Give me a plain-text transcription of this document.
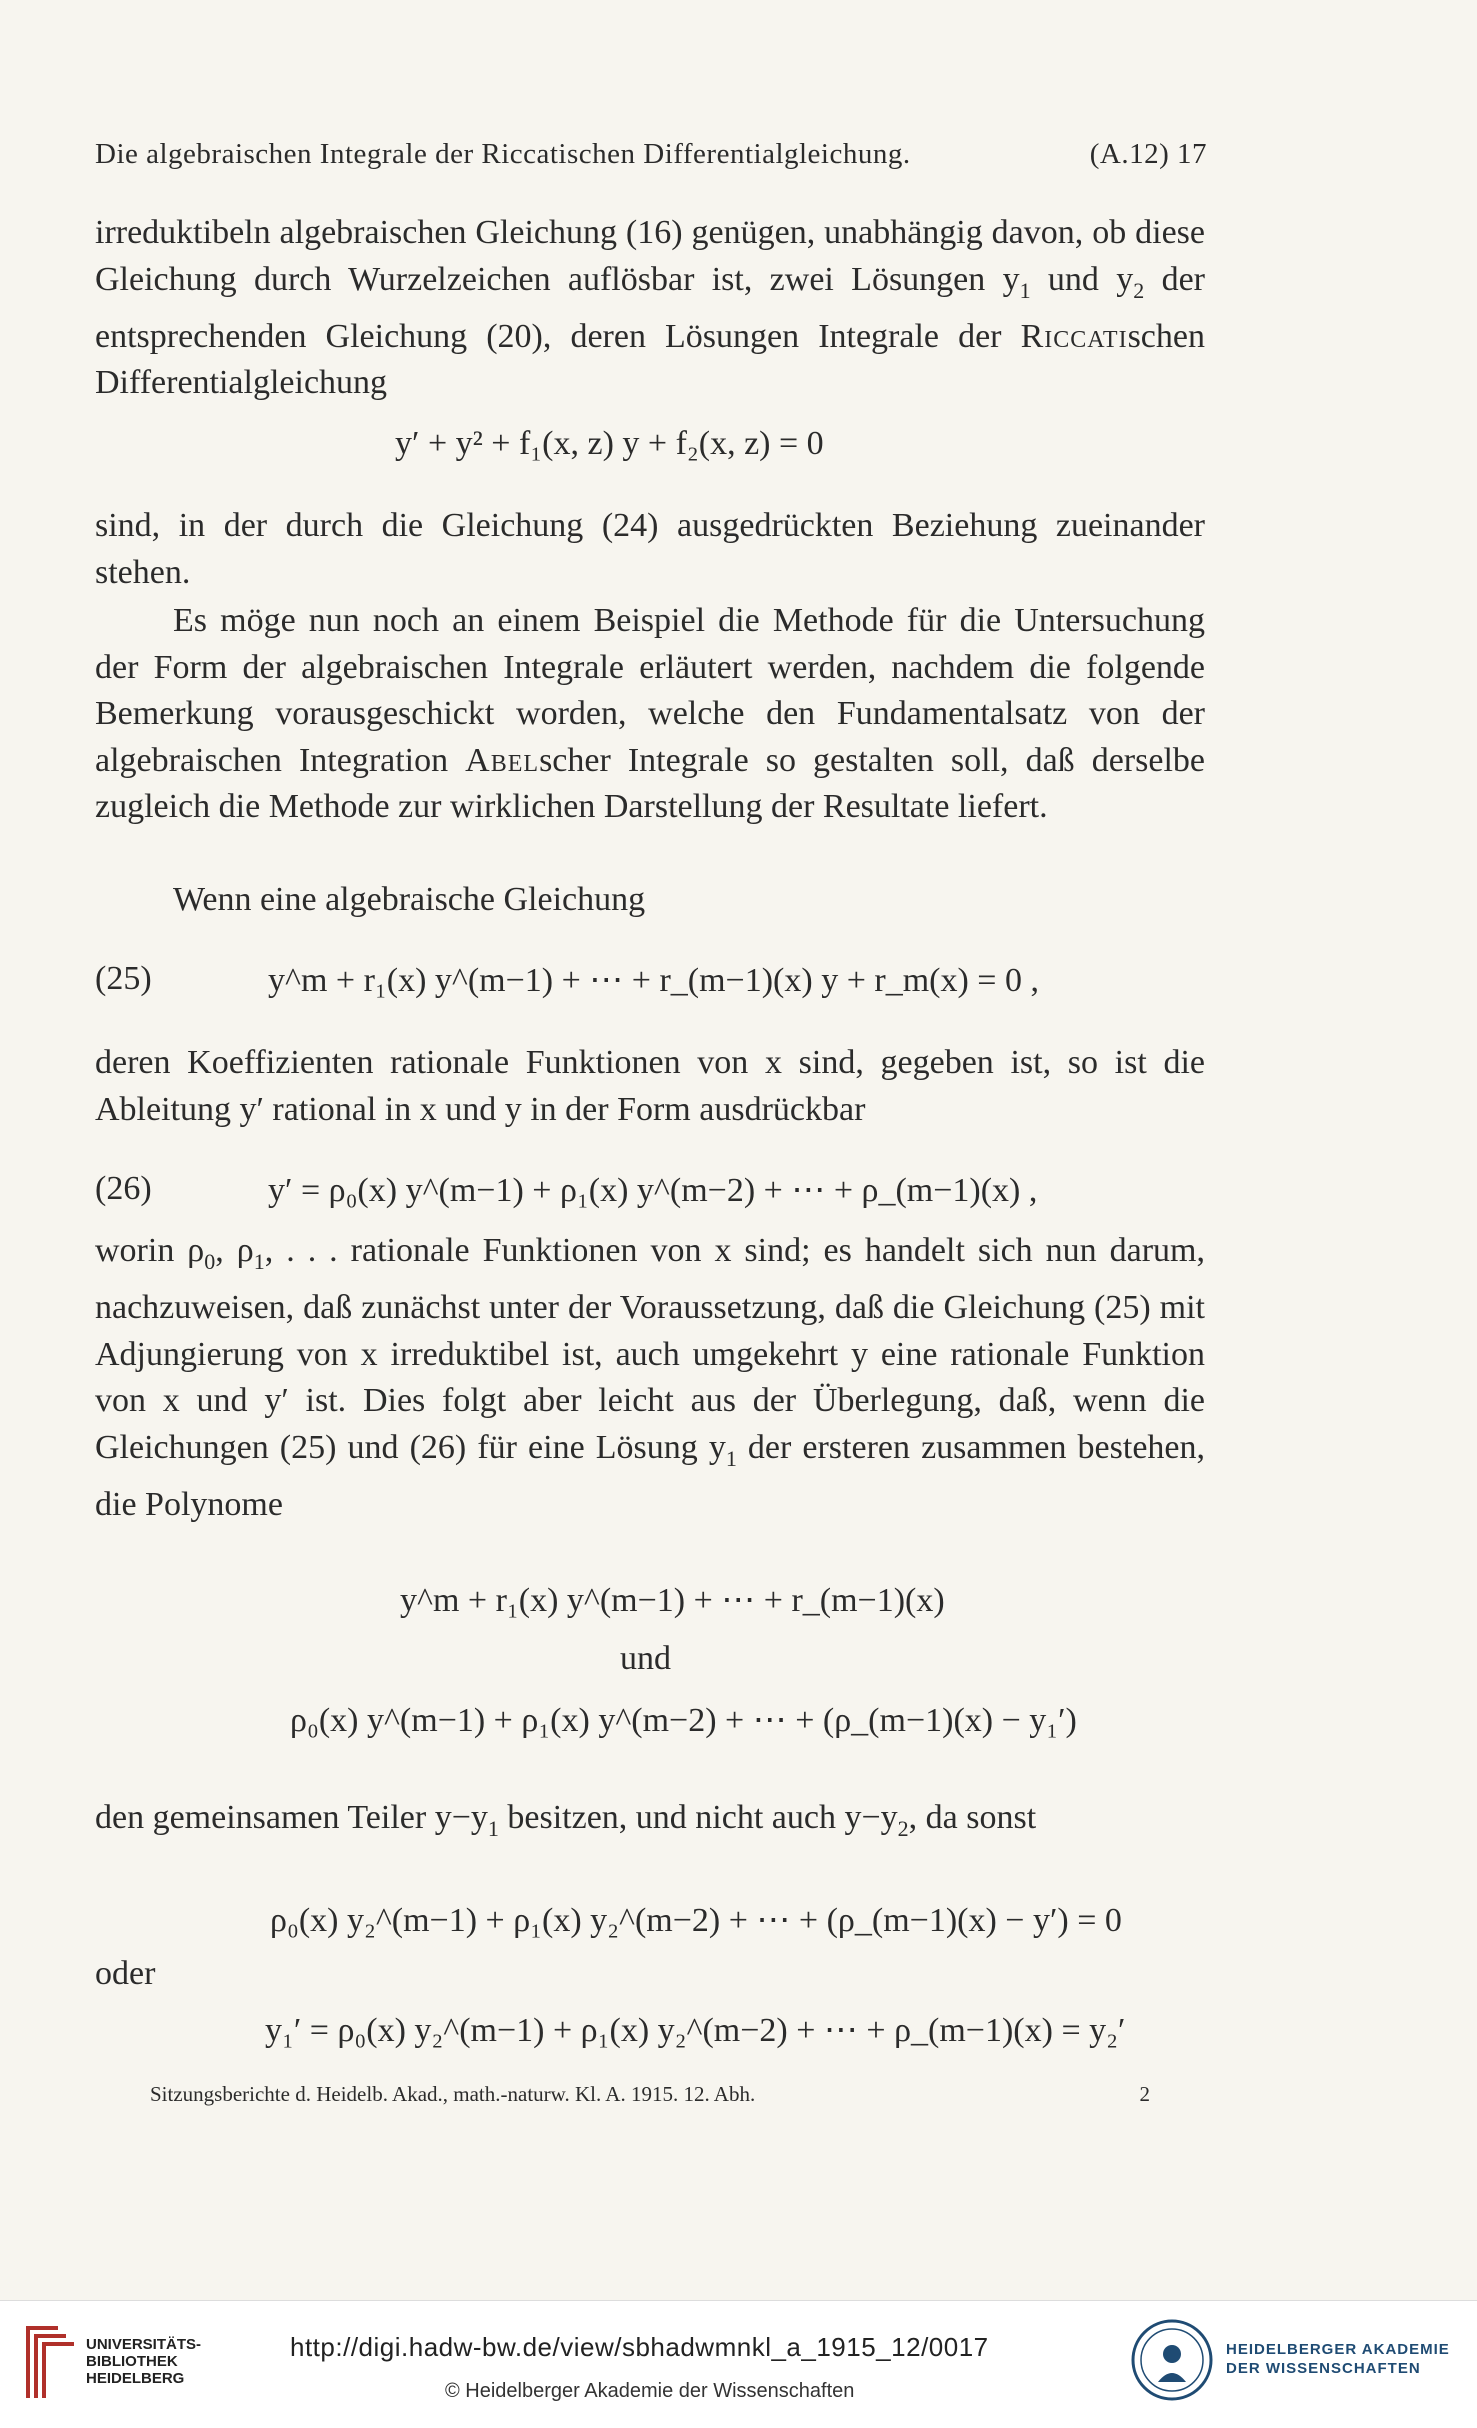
Die algebraischen Integrale der Riccatischen Differentialgleichung.	(A.12) 17

irreduktibeln algebraischen Gleichung (16) genügen, unabhängig davon, ob diese Gleichung durch Wurzelzeichen auflösbar ist, zwei Lösungen $y_1$ und $y_2$ der entsprechenden Gleichung (20), deren Lösungen Integrale der Riccatischen Differentialgleichung

y′ + y² + f₁(x, z) y + f₂(x, z) = 0

sind, in der durch die Gleichung (24) ausgedrückten Beziehung zueinander stehen.

Es möge nun noch an einem Beispiel die Methode für die Untersuchung der Form der algebraischen Integrale erläutert werden, nachdem die folgende Bemerkung vorausgeschickt worden, welche den Fundamentalsatz von der algebraischen Integration Abelscher Integrale so gestalten soll, daß derselbe zugleich die Methode zur wirklichen Darstellung der Resultate liefert.

Wenn eine algebraische Gleichung

(25)	y^m + r₁(x) y^(m−1) + ⋯ + r_(m−1)(x) y + r_m(x) = 0 ,

deren Koeffizienten rationale Funktionen von x sind, gegeben ist, so ist die Ableitung y′ rational in x und y in der Form ausdrückbar

(26)	y′ = ρ₀(x) y^(m−1) + ρ₁(x) y^(m−2) + ⋯ + ρ_(m−1)(x) ,

worin $\rho_0$, $\rho_1$, . . . rationale Funktionen von x sind; es handelt sich nun darum, nachzuweisen, daß zunächst unter der Voraussetzung, daß die Gleichung (25) mit Adjungierung von x irreduktibel ist, auch umgekehrt y eine rationale Funktion von x und y′ ist. Dies folgt aber leicht aus der Überlegung, daß, wenn die Gleichungen (25) und (26) für eine Lösung $y_1$ der ersteren zusammen bestehen, die Polynome

y^m + r₁(x) y^(m−1) + ⋯ + r_(m−1)(x)
und
ρ₀(x) y^(m−1) + ρ₁(x) y^(m−2) + ⋯ + (ρ_(m−1)(x) − y₁′)

den gemeinsamen Teiler $y-y_1$ besitzen, und nicht auch $y-y_2$, da sonst

ρ₀(x) y₂^(m−1) + ρ₁(x) y₂^(m−2) + ⋯ + (ρ_(m−1)(x) − y′) = 0
oder
y₁′ = ρ₀(x) y₂^(m−1) + ρ₁(x) y₂^(m−2) + ⋯ + ρ_(m−1)(x) = y₂′
Sitzungsberichte d. Heidelb. Akad., math.-naturw. Kl. A. 1915. 12. Abh.	2
UNIVERSITÄTS-
BIBLIOTHEK
HEIDELBERG
http://digi.hadw-bw.de/view/sbhadwmnkl_a_1915_12/0017
© Heidelberger Akademie der Wissenschaften
HEIDELBERGER AKADEMIE
DER WISSENSCHAFTEN
